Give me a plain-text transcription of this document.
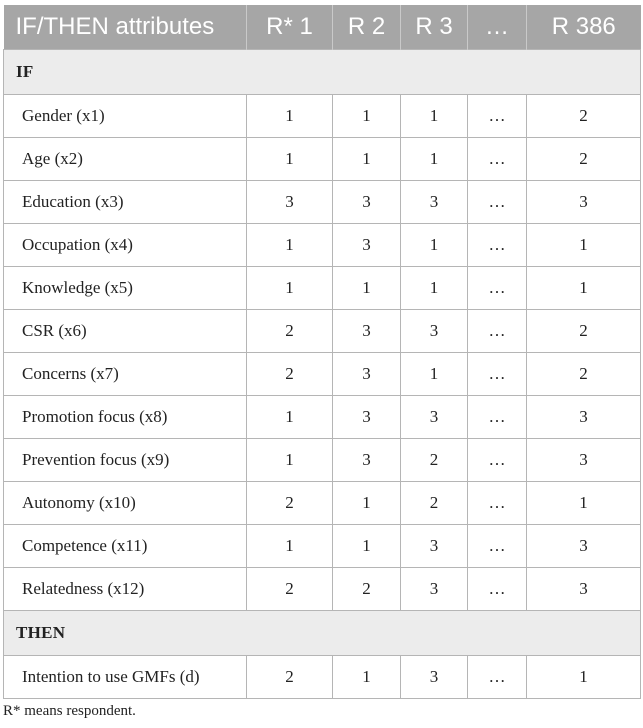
IF/THEN attributes	R* 1	R 2	R 3	…	R 386
IF					
Gender (x1)	1	1	1	…	2
Age (x2)	1	1	1	…	2
Education (x3)	3	3	3	…	3
Occupation (x4)	1	3	1	…	1
Knowledge (x5)	1	1	1	…	1
CSR (x6)	2	3	3	…	2
Concerns (x7)	2	3	1	…	2
Promotion focus (x8)	1	3	3	…	3
Prevention focus (x9)	1	3	2	…	3
Autonomy (x10)	2	1	2	…	1
Competence (x11)	1	1	3	…	3
Relatedness (x12)	2	2	3	…	3
THEN					
Intention to use GMFs (d)	2	1	3	…	1
R* means respondent.
